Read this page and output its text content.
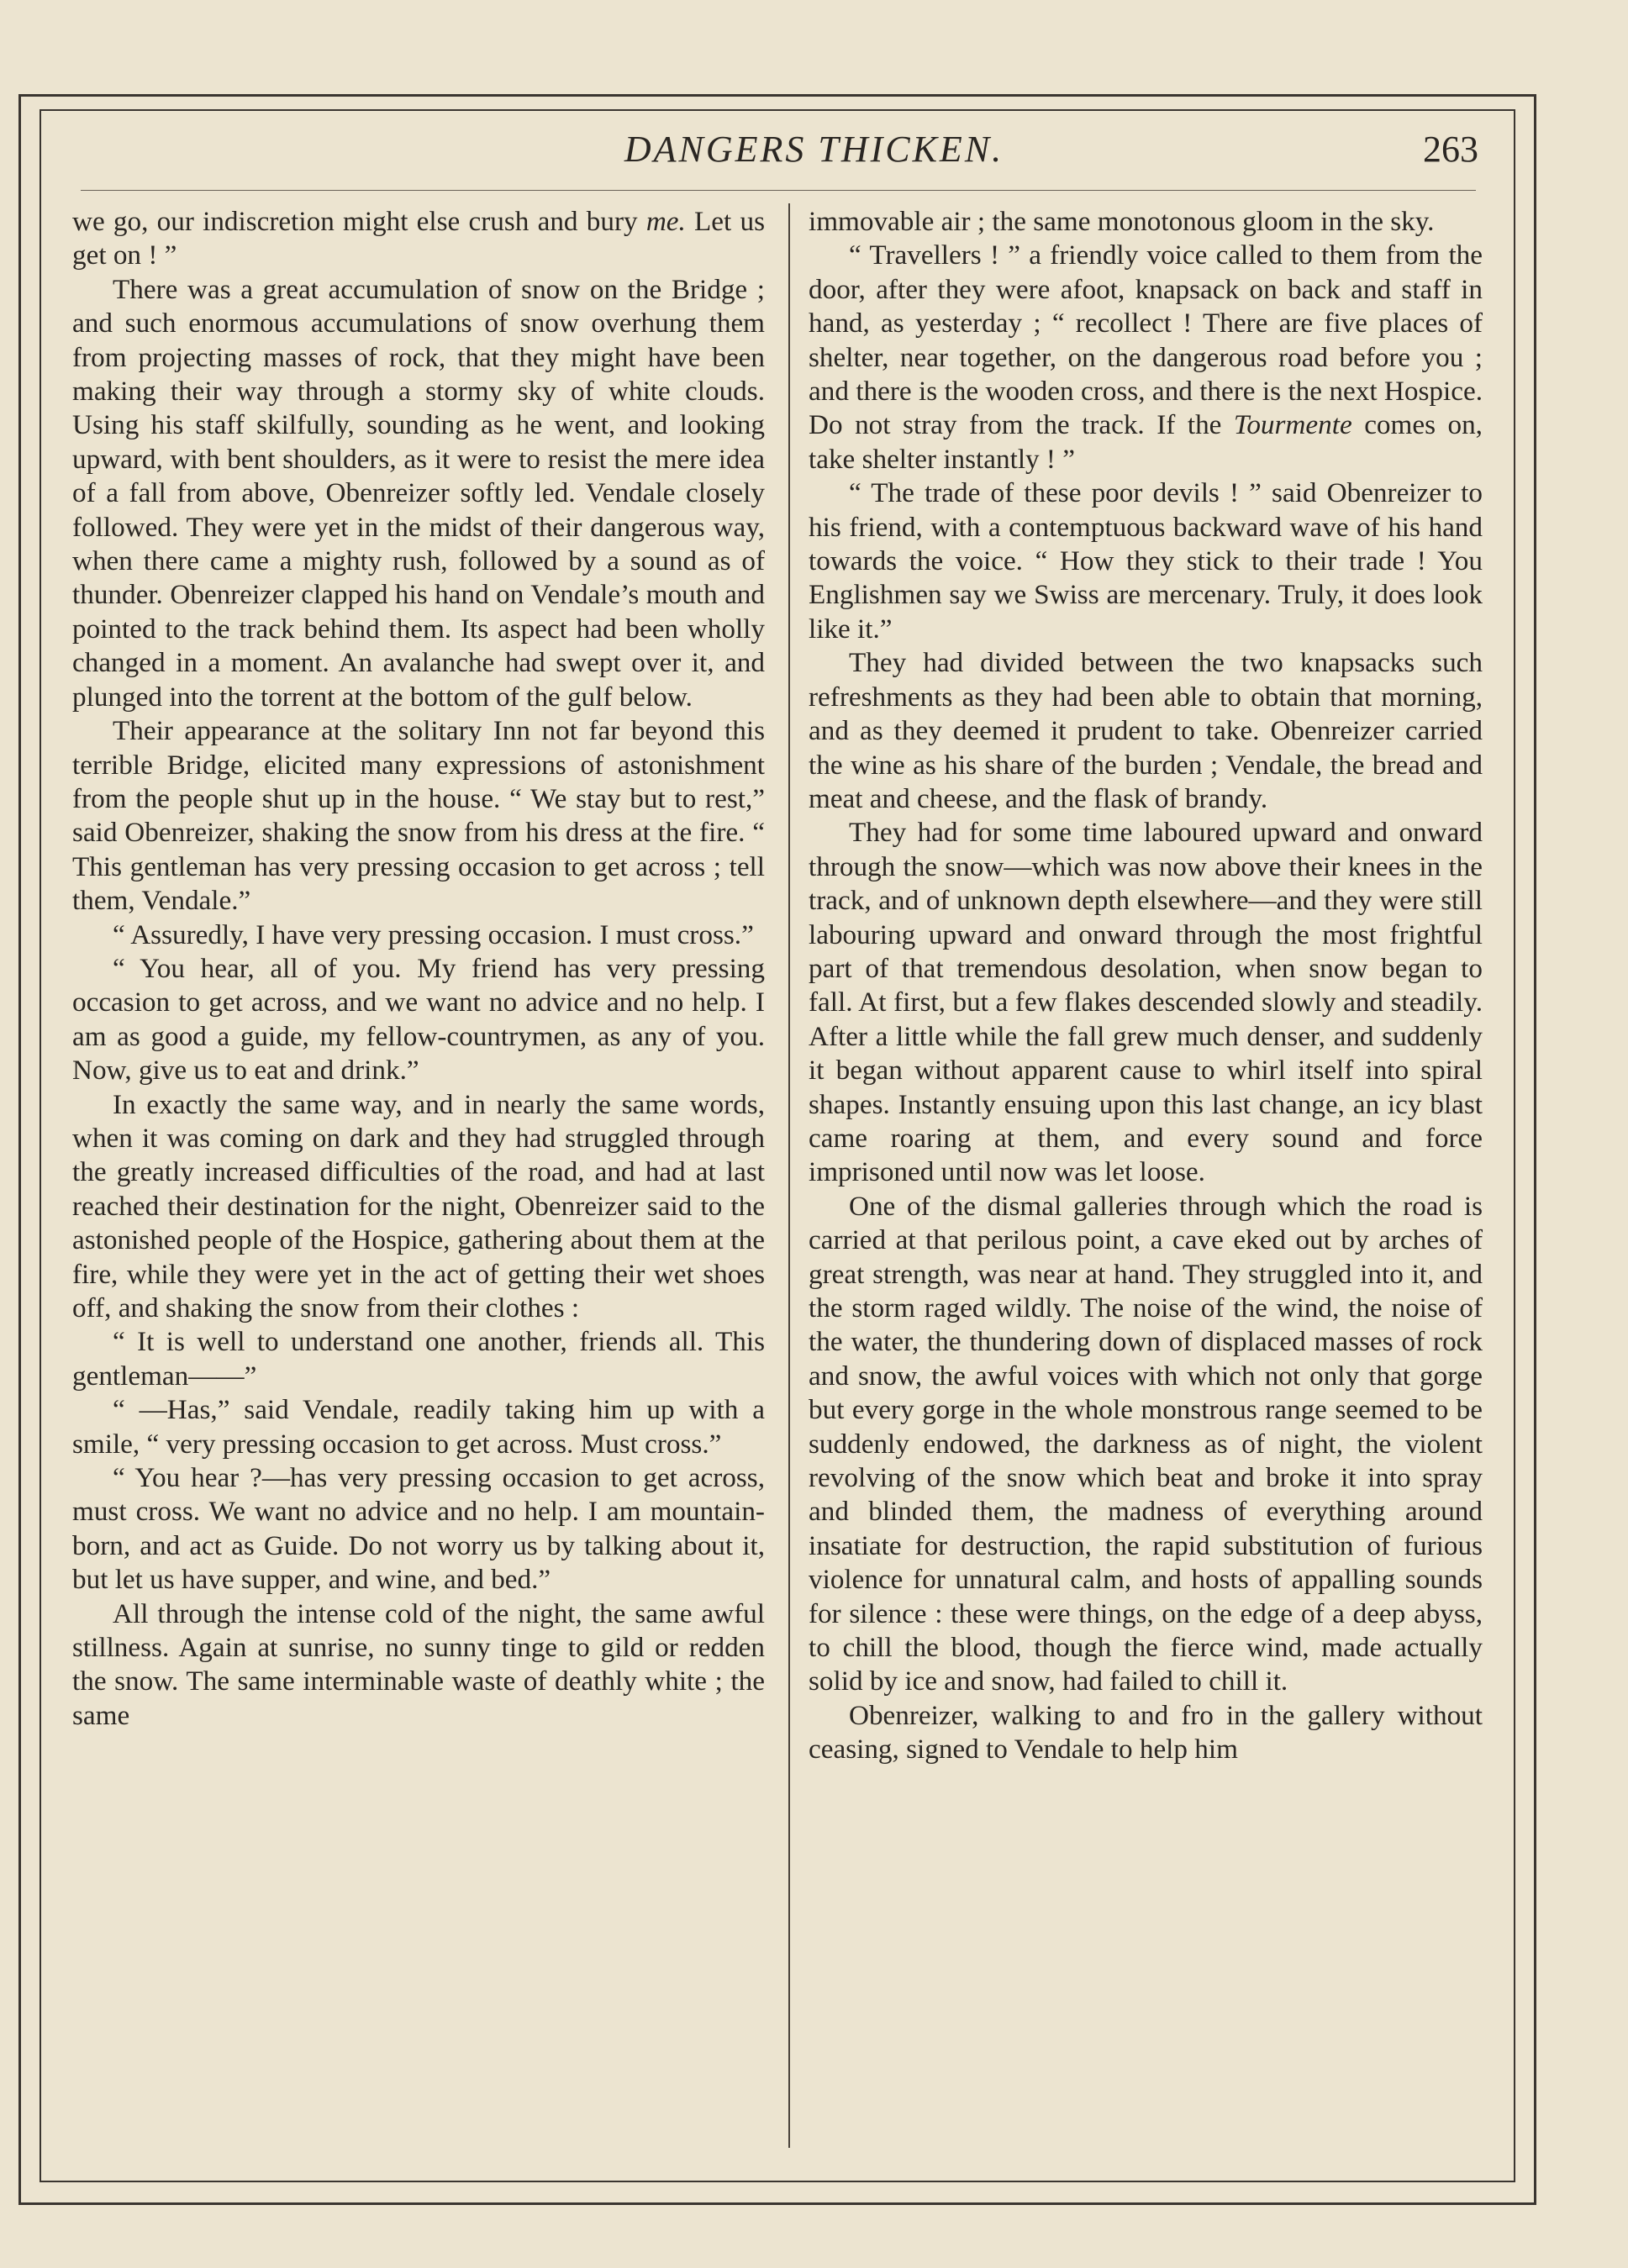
DANGERS THICKEN.	263

we go, our indiscretion might else crush and bury me. Let us get on ! ”

There was a great accumulation of snow on the Bridge ; and such enormous accumulations of snow overhung them from projecting masses of rock, that they might have been making their way through a stormy sky of white clouds. Using his staff skilfully, sounding as he went, and looking upward, with bent shoulders, as it were to resist the mere idea of a fall from above, Obenreizer softly led. Vendale closely followed. They were yet in the midst of their dangerous way, when there came a mighty rush, followed by a sound as of thunder. Obenreizer clapped his hand on Vendale’s mouth and pointed to the track behind them. Its aspect had been wholly changed in a moment. An avalanche had swept over it, and plunged into the torrent at the bottom of the gulf below.

Their appearance at the solitary Inn not far beyond this terrible Bridge, elicited many expressions of astonishment from the people shut up in the house. “ We stay but to rest,” said Obenreizer, shaking the snow from his dress at the fire. “ This gentleman has very pressing occasion to get across ; tell them, Vendale.”

“ Assuredly, I have very pressing occasion. I must cross.”

“ You hear, all of you. My friend has very pressing occasion to get across, and we want no advice and no help. I am as good a guide, my fellow-countrymen, as any of you. Now, give us to eat and drink.”

In exactly the same way, and in nearly the same words, when it was coming on dark and they had struggled through the greatly increased difficulties of the road, and had at last reached their destination for the night, Obenreizer said to the astonished people of the Hospice, gathering about them at the fire, while they were yet in the act of getting their wet shoes off, and shaking the snow from their clothes :

“ It is well to understand one another, friends all. This gentleman——”

“ —Has,” said Vendale, readily taking him up with a smile, “ very pressing occasion to get across. Must cross.”

“ You hear ?—has very pressing occasion to get across, must cross. We want no advice and no help. I am mountain-born, and act as Guide. Do not worry us by talking about it, but let us have supper, and wine, and bed.”

All through the intense cold of the night, the same awful stillness. Again at sunrise, no sunny tinge to gild or redden the snow. The same interminable waste of deathly white ; the same

immovable air ; the same monotonous gloom in the sky.

“ Travellers ! ” a friendly voice called to them from the door, after they were afoot, knapsack on back and staff in hand, as yesterday ; “ recollect ! There are five places of shelter, near together, on the dangerous road before you ; and there is the wooden cross, and there is the next Hospice. Do not stray from the track. If the Tourmente comes on, take shelter instantly ! ”

“ The trade of these poor devils ! ” said Obenreizer to his friend, with a contemptuous backward wave of his hand towards the voice. “ How they stick to their trade ! You Englishmen say we Swiss are mercenary. Truly, it does look like it.”

They had divided between the two knapsacks such refreshments as they had been able to obtain that morning, and as they deemed it prudent to take. Obenreizer carried the wine as his share of the burden ; Vendale, the bread and meat and cheese, and the flask of brandy.

They had for some time laboured upward and onward through the snow—which was now above their knees in the track, and of unknown depth elsewhere—and they were still labouring upward and onward through the most frightful part of that tremendous desolation, when snow began to fall. At first, but a few flakes descended slowly and steadily. After a little while the fall grew much denser, and suddenly it began without apparent cause to whirl itself into spiral shapes. Instantly ensuing upon this last change, an icy blast came roaring at them, and every sound and force imprisoned until now was let loose.

One of the dismal galleries through which the road is carried at that perilous point, a cave eked out by arches of great strength, was near at hand. They struggled into it, and the storm raged wildly. The noise of the wind, the noise of the water, the thundering down of displaced masses of rock and snow, the awful voices with which not only that gorge but every gorge in the whole monstrous range seemed to be suddenly endowed, the darkness as of night, the violent revolving of the snow which beat and broke it into spray and blinded them, the madness of everything around insatiate for destruction, the rapid substitution of furious violence for unnatural calm, and hosts of appalling sounds for silence : these were things, on the edge of a deep abyss, to chill the blood, though the fierce wind, made actually solid by ice and snow, had failed to chill it.

Obenreizer, walking to and fro in the gallery without ceasing, signed to Vendale to help him
